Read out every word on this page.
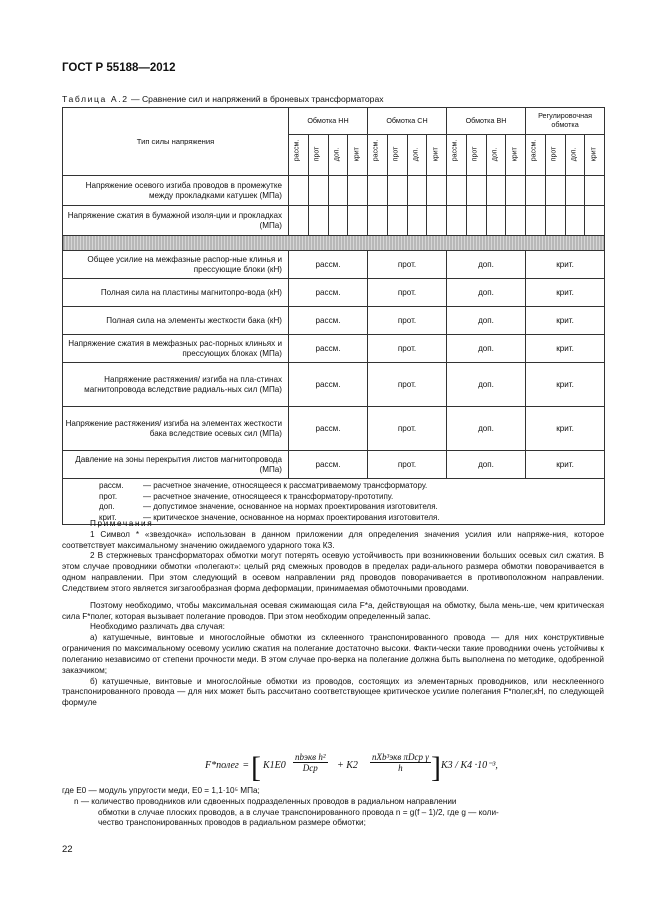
ГОСТ Р 55188—2012
Таблица А.2 — Сравнение сил и напряжений в броневых трансформаторах
Тип силы напряжения	Обмотка НН				Обмотка СН				Обмотка ВН				Регулировочная обмотка			

	рассм.	прот	доп.	крит	рассм.	прот	доп.	крит	рассм.	прот	доп.	крит	рассм.	прот	доп.	крит

Напряжение осевого изгиба проводов в промежутке между прокладками катушек (МПа)																
Напряжение сжатия в бумажной изоля-ции и прокладках (МПа)																

Общее усилие на межфазные распор-ные клинья и прессующие блоки (кН)	рассм.				прот.				доп.				крит.			
Полная сила на пластины магнитопро-вода (кН)	рассм.				прот.				доп.				крит.			
Полная сила на элементы жесткости бака (кН)	рассм.				прот.				доп.				крит.			
Напряжение сжатия в межфазных рас-порных клиньях и прессующих блоках (МПа)	рассм.				прот.				доп.				крит.			
Напряжение растяжения/ изгиба на пла-стинах магнитопровода вследствие радиаль-ных сил (МПа)	рассм.				прот.				доп.				крит.			
Напряжение растяжения/ изгиба на элементах жесткости бака вследствие осевых сил (МПа)	рассм.				прот.				доп.				крит.			
Давление на зоны перекрытия листов магнитопровода (МПа)	рассм.				прот.				доп.				крит.			

рассм. — расчетное значение, относящееся к рассматриваемому трансформатору.
прот. — расчетное значение, относящееся к трансформатору-прототипу.
доп. — допустимое значение, основанное на нормах проектирования изготовителя.
крит. — критическое значение, основанное на нормах проектирования изготовителя.																

Примечания

1 Символ * «звездочка» использован в данном приложении для определения значения усилия или напряже-ния, которое соответствует максимальному значению ожидаемого ударного тока КЗ.

2 В стержневых трансформаторах обмотки могут потерять осевую устойчивость при возникновении больших осевых сил сжатия. В этом случае проводники обмотки «полегают»: целый ряд смежных проводов в пределах ради-ального размера обмотки поворачивается в одном направлении. При этом следующий в осевом направлении ряд проводов поворачивается в противоположном направлении. Следствием этого является зигзагообразная форма деформации, принимаемая обмоточными проводами.

Поэтому необходимо, чтобы максимальная осевая сжимающая сила F*a, действующая на обмотку, была мень-ше, чем критическая сила F*полег, которая вызывает полегание проводов. При этом необходим определенный запас.

Необходимо различать два случая:

а) катушечные, винтовые и многослойные обмотки из склеенного транспонированного провода — для них конструктивные ограничения по максимальному осевому усилию сжатия на полегание достаточно высоки. Факти-чески такие проводники очень устойчивы к полеганию независимо от степени прочности меди. В этом случае про-верка на полегание должна быть выполнена по методике, одобренной заказчиком;

б) катушечные, винтовые и многослойные обмотки из проводов, состоящих из элементарных проводников, или несклеенного транспонированного провода — для них может быть рассчитано соответствующее критическое усилие полегания F*полег,кН, по следующей формуле

F*полег = [ K1E0
nbэкв h²
Dср	+ K2
nXb³экв πDср γ
h ] K3 / K4 ·10⁻³,

где E0 — модуль упругости меди, E0 = 1,1·10⁵ МПа;

n — количество проводников или сдвоенных подразделенных проводов в радиальном направлении

обмотки в случае плоских проводов, а в случае транспонированного провода n = g(f – 1)/2, где g — коли-

чество транспонированных проводов в радиальном размере обмотки;

22
